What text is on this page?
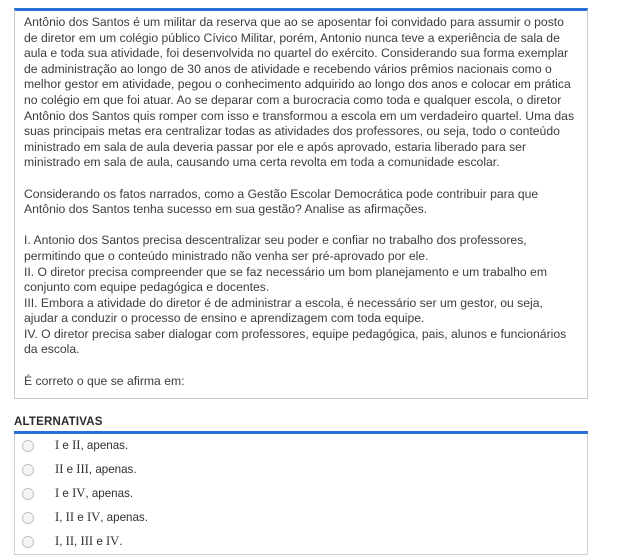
Antônio dos Santos é um militar da reserva que ao se aposentar foi convidado para assumir o posto de diretor em um colégio público Cívico Militar, porém, Antonio nunca teve a experiência de sala de aula e toda sua atividade, foi desenvolvida no quartel do exército. Considerando sua forma exemplar de administração ao longo de 30 anos de atividade e recebendo vários prêmios nacionais como o melhor gestor em atividade, pegou o conhecimento adquirido ao longo dos anos e colocar em prática no colégio em que foi atuar. Ao se deparar com a burocracia como toda e qualquer escola, o diretor Antônio dos Santos quis romper com isso e transformou a escola em um verdadeiro quartel. Uma das suas principais metas era centralizar todas as atividades dos professores, ou seja, todo o conteúdo ministrado em sala de aula deveria passar por ele e após aprovado, estaria liberado para ser ministrado em sala de aula, causando uma certa revolta em toda a comunidade escolar.

Considerando os fatos narrados, como a Gestão Escolar Democrática pode contribuir para que Antônio dos Santos tenha sucesso em sua gestão? Analise as afirmações.

I. Antonio dos Santos precisa descentralizar seu poder e confiar no trabalho dos professores, permitindo que o conteúdo ministrado não venha ser pré-aprovado por ele.
II. O diretor precisa compreender que se faz necessário um bom planejamento e um trabalho em conjunto com equipe pedagógica e docentes.
III. Embora a atividade do diretor é de administrar a escola, é necessário ser um gestor, ou seja, ajudar a conduzir o processo de ensino e aprendizagem com toda equipe.
IV. O diretor precisa saber dialogar com professores, equipe pedagógica, pais, alunos e funcionários da escola.

É correto o que se afirma em:

ALTERNATIVAS
I e II, apenas.
II e III, apenas.
I e IV, apenas.
I, II e IV, apenas.
I, II, III e IV.
